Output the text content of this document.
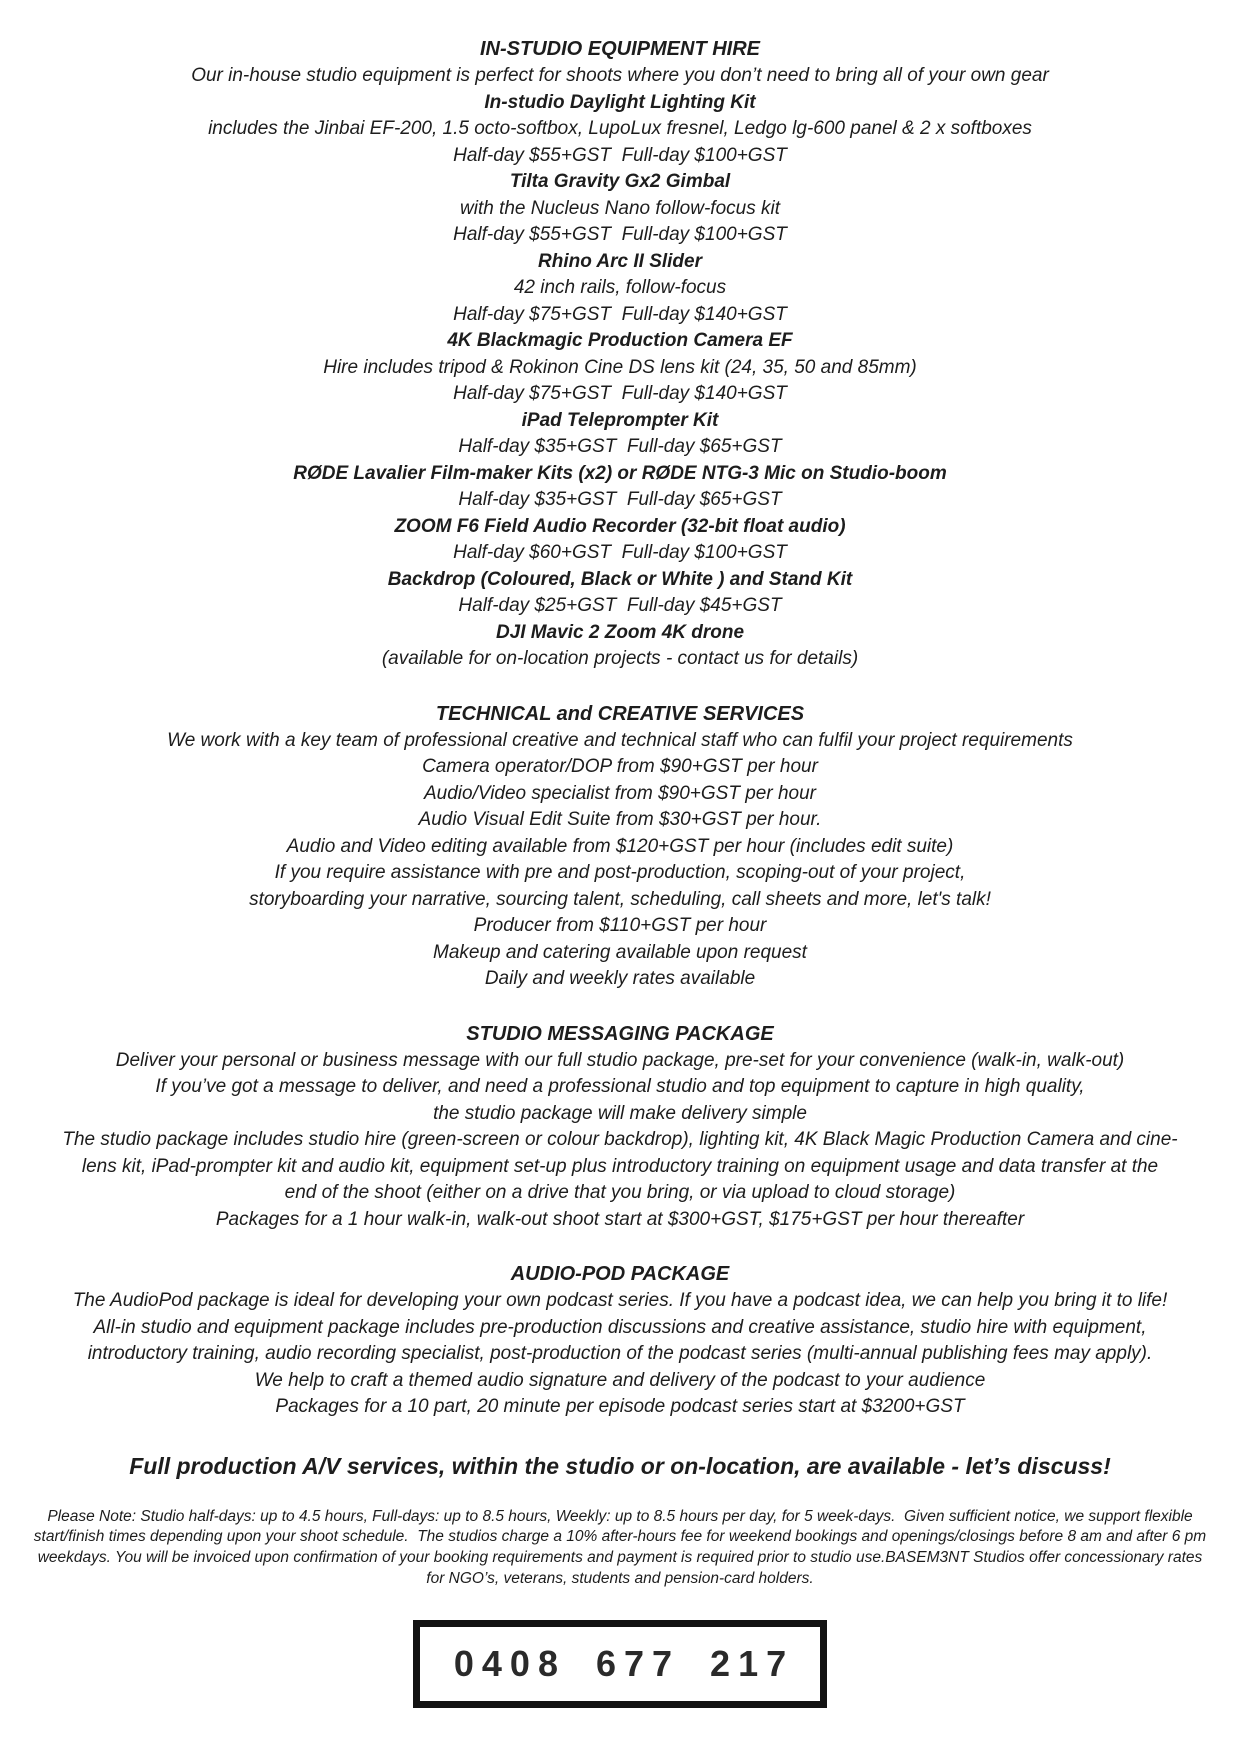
IN-STUDIO EQUIPMENT HIRE

Our in-house studio equipment is perfect for shoots where you don’t need to bring all of your own gear

In-studio Daylight Lighting Kit

includes the Jinbai EF-200, 1.5 octo-softbox, LupoLux fresnel, Ledgo lg-600 panel & 2 x softboxes

Half-day $55+GST  Full-day $100+GST

Tilta Gravity Gx2 Gimbal

with the Nucleus Nano follow-focus kit

Half-day $55+GST  Full-day $100+GST

Rhino Arc II Slider

42 inch rails, follow-focus

Half-day $75+GST  Full-day $140+GST

4K Blackmagic Production Camera EF

Hire includes tripod & Rokinon Cine DS lens kit (24, 35, 50 and 85mm)

Half-day $75+GST  Full-day $140+GST

iPad Teleprompter Kit

Half-day $35+GST  Full-day $65+GST

RØDE Lavalier Film-maker Kits (x2) or RØDE NTG-3 Mic on Studio-boom

Half-day $35+GST  Full-day $65+GST

ZOOM F6 Field Audio Recorder (32-bit float audio)

Half-day $60+GST  Full-day $100+GST

Backdrop (Coloured, Black or White ) and Stand Kit

Half-day $25+GST  Full-day $45+GST

DJI Mavic 2 Zoom 4K drone

(available for on-location projects - contact us for details)

TECHNICAL and CREATIVE SERVICES

We work with a key team of professional creative and technical staff who can fulfil your project requirements

Camera operator/DOP from $90+GST per hour

Audio/Video specialist from $90+GST per hour

Audio Visual Edit Suite from $30+GST per hour.

Audio and Video editing available from $120+GST per hour (includes edit suite)

If you require assistance with pre and post-production, scoping-out of your project,

storyboarding your narrative, sourcing talent, scheduling, call sheets and more, let's talk!

Producer from $110+GST per hour

Makeup and catering available upon request

Daily and weekly rates available

STUDIO MESSAGING PACKAGE

Deliver your personal or business message with our full studio package, pre-set for your convenience (walk-in, walk-out)

If you’ve got a message to deliver, and need a professional studio and top equipment to capture in high quality,

the studio package will make delivery simple

The studio package includes studio hire (green-screen or colour backdrop), lighting kit, 4K Black Magic Production Camera and cine-

lens kit, iPad-prompter kit and audio kit, equipment set-up plus introductory training on equipment usage and data transfer at the

end of the shoot (either on a drive that you bring, or via upload to cloud storage)

Packages for a 1 hour walk-in, walk-out shoot start at $300+GST, $175+GST per hour thereafter

AUDIO-POD PACKAGE

The AudioPod package is ideal for developing your own podcast series. If you have a podcast idea, we can help you bring it to life!

All-in studio and equipment package includes pre-production discussions and creative assistance, studio hire with equipment,

introductory training, audio recording specialist, post-production of the podcast series (multi-annual publishing fees may apply).

We help to craft a themed audio signature and delivery of the podcast to your audience

Packages for a 10 part, 20 minute per episode podcast series start at $3200+GST

Full production A/V services, within the studio or on-location, are available - let’s discuss!

Please Note: Studio half-days: up to 4.5 hours, Full-days: up to 8.5 hours, Weekly: up to 8.5 hours per day, for 5 week-days.  Given sufficient notice, we support flexible start/finish times depending upon your shoot schedule.  The studios charge a 10% after-hours fee for weekend bookings and openings/closings before 8 am and after 6 pm weekdays. You will be invoiced upon confirmation of your booking requirements and payment is required prior to studio use.BASEM3NT Studios offer concessionary rates for NGO’s, veterans, students and pension-card holders.

0408 677 217
